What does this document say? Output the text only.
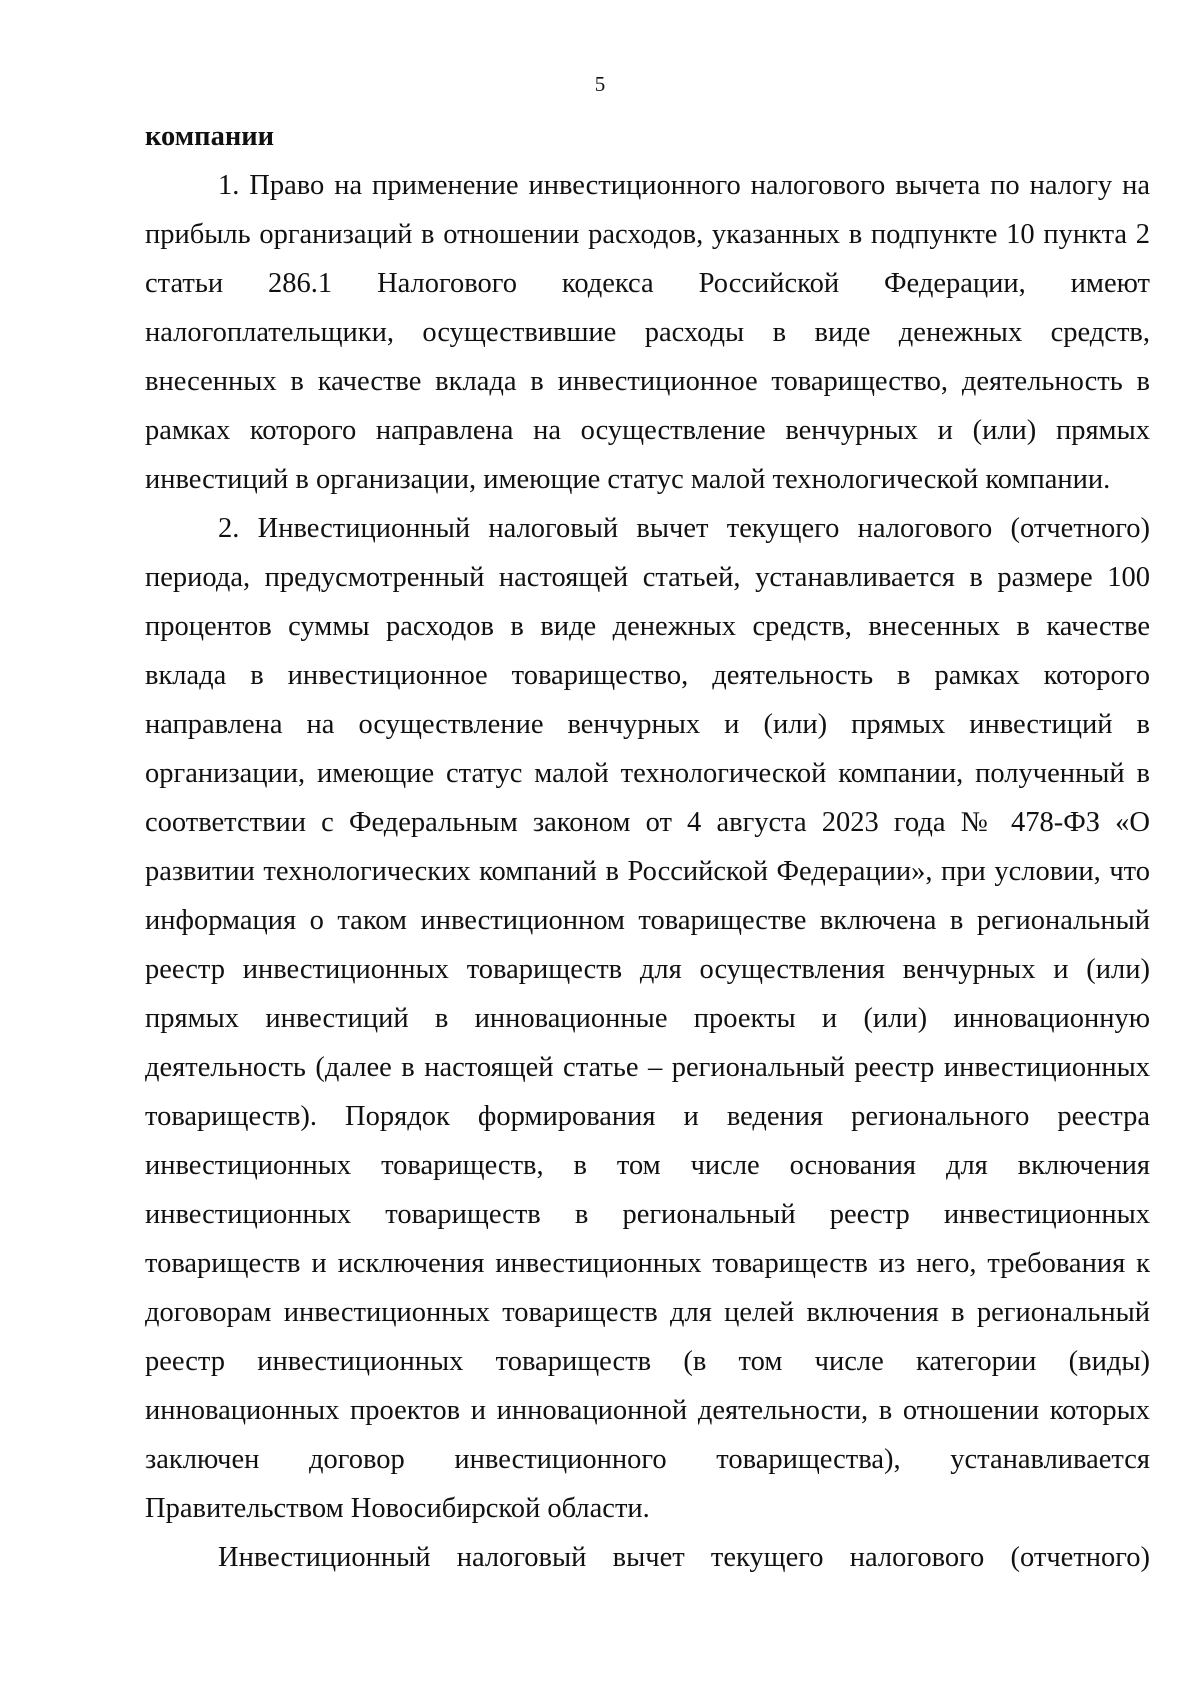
5

компании

1. Право на применение инвестиционного налогового вычета по налогу на прибыль организаций в отношении расходов, указанных в подпункте 10 пункта 2 статьи 286.1 Налогового кодекса Российской Федерации, имеют налогоплательщики, осуществившие расходы в виде денежных средств, внесенных в качестве вклада в инвестиционное товарищество, деятельность в рамках которого направлена на осуществление венчурных и (или) прямых инвестиций в организации, имеющие статус малой технологической компании.

2. Инвестиционный налоговый вычет текущего налогового (отчетного) периода, предусмотренный настоящей статьей, устанавливается в размере 100 процентов суммы расходов в виде денежных средств, внесенных в качестве вклада в инвестиционное товарищество, деятельность в рамках которого направлена на осуществление венчурных и (или) прямых инвестиций в организации, имеющие статус малой технологической компании, полученный в соответствии с Федеральным законом от 4 августа 2023 года № 478-ФЗ «О развитии технологических компаний в Российской Федерации», при условии, что информация о таком инвестиционном товариществе включена в региональный реестр инвестиционных товариществ для осуществления венчурных и (или) прямых инвестиций в инновационные проекты и (или) инновационную деятельность (далее в настоящей статье – региональный реестр инвестиционных товариществ). Порядок формирования и ведения регионального реестра инвестиционных товариществ, в том числе основания для включения инвестиционных товариществ в региональный реестр инвестиционных товариществ и исключения инвестиционных товариществ из него, требования к договорам инвестиционных товариществ для целей включения в региональный реестр инвестиционных товариществ (в том числе категории (виды) инновационных проектов и инновационной деятельности, в отношении которых заключен договор инвестиционного товарищества), устанавливается Правительством Новосибирской области.

Инвестиционный налоговый вычет текущего налогового (отчетного)
